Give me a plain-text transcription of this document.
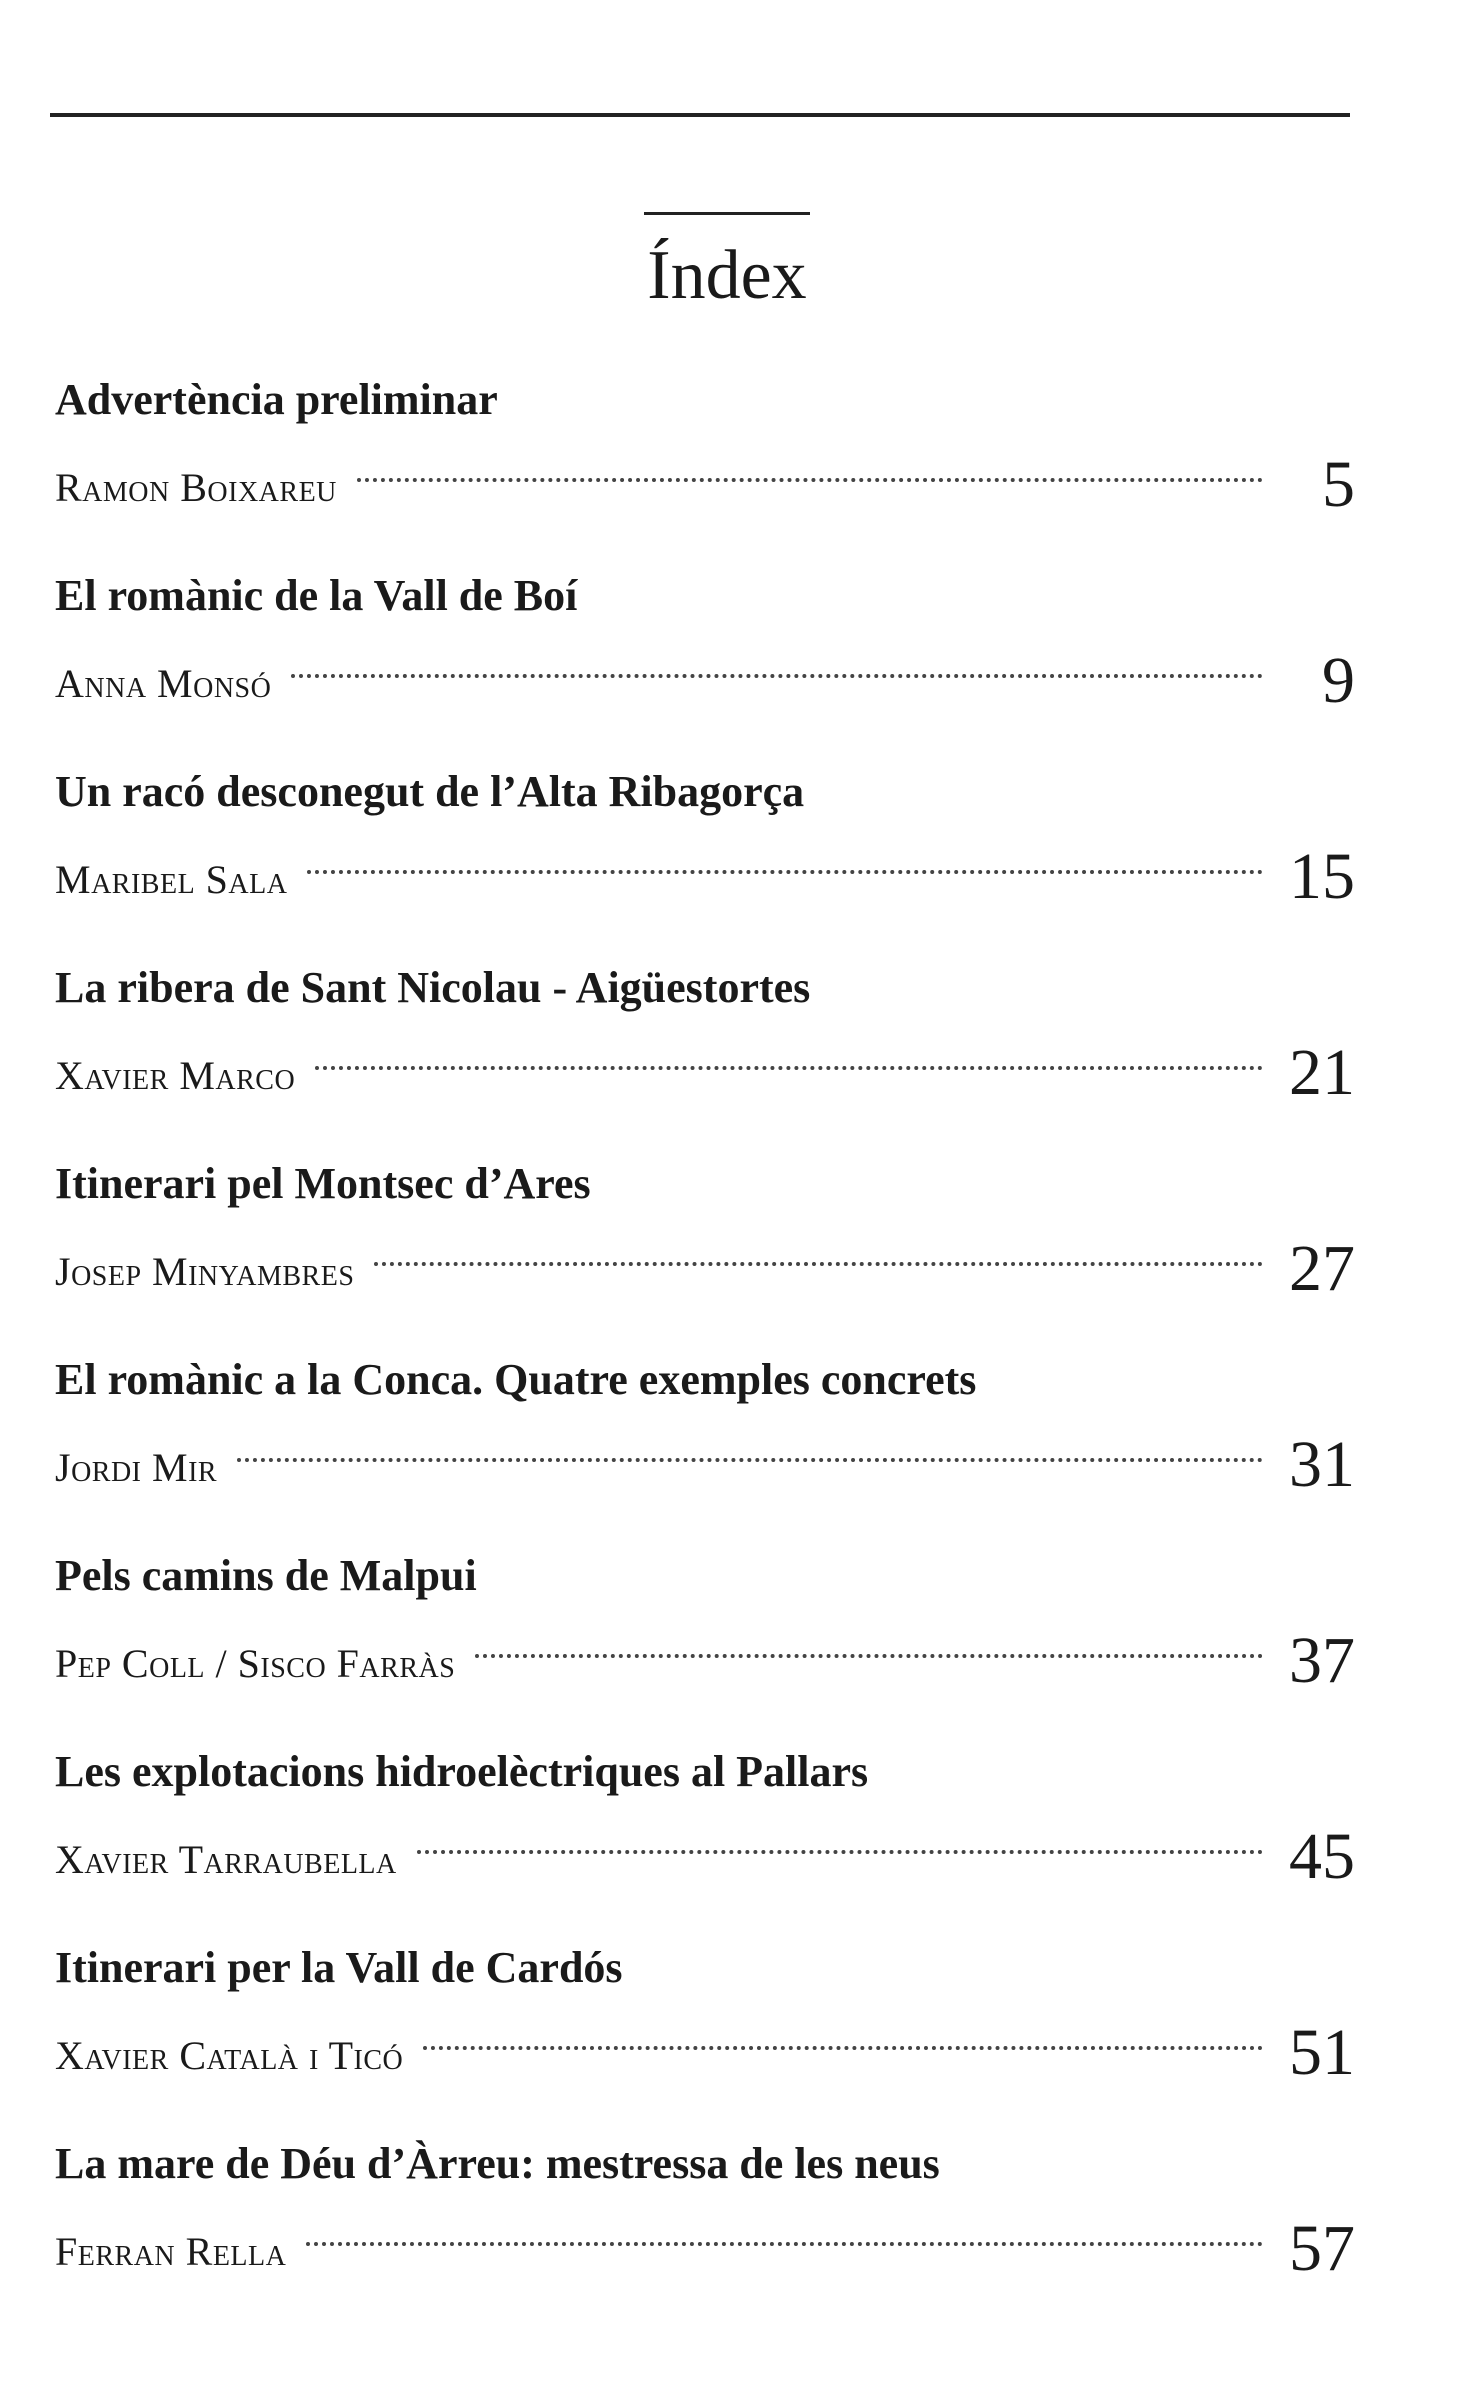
Índex
Advertència preliminar
Ramon Boixareu	5
El romànic de la Vall de Boí
Anna Monsó	9
Un racó desconegut de l’Alta Ribagorça
Maribel Sala	15
La ribera de Sant Nicolau - Aigüestortes
Xavier Marco	21
Itinerari pel Montsec d’Ares
Josep Minyambres	27
El romànic a la Conca. Quatre exemples concrets
Jordi Mir	31
Pels camins de Malpui
Pep Coll / Sisco Farràs	37
Les explotacions hidroelèctriques al Pallars
Xavier Tarraubella	45
Itinerari per la Vall de Cardós
Xavier Català i Ticó	51
La mare de Déu d’Àrreu: mestressa de les neus
Ferran Rella	57
